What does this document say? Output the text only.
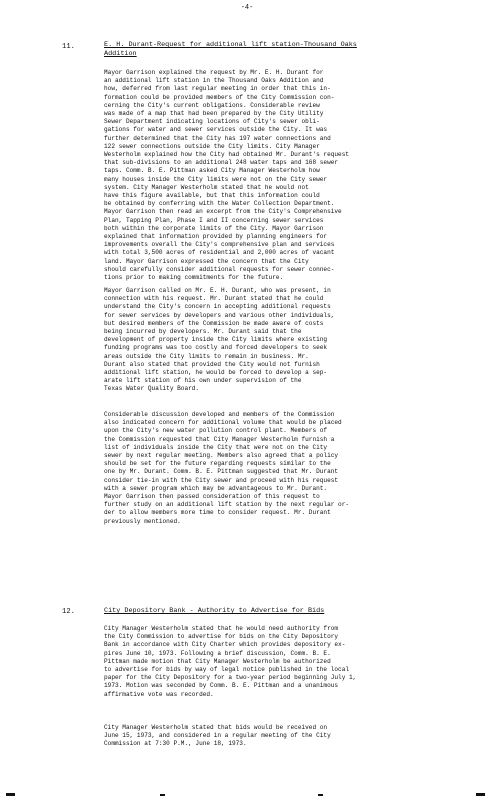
-4-
11.	E. H. Durant-Request for additional lift station-Thousand Oaks
Addition

Mayor Garrison explained the request by Mr. E. H. Durant for
an additional lift station in the Thousand Oaks Addition and
how, deferred from last regular meeting in order that this in-
formation could be provided members of the City Commission con-
cerning the City's current obligations. Considerable review
was made of a map that had been prepared by the City Utility
Sewer Department indicating locations of City's sewer obli-
gations for water and sewer services outside the City. It was
further determined that the City has 197 water connections and
122 sewer connections outside the City limits. City Manager
Westerholm explained how the City had obtained Mr. Durant's request
that sub-divisions to an additional 248 water taps and 168 sewer
taps. Comm. B. E. Pittman asked City Manager Westerholm how
many houses inside the City limits were not on the City sewer
system. City Manager Westerholm stated that he would not
have this figure available, but that this information could
be obtained by conferring with the Water Collection Department.
Mayor Garrison then read an excerpt from the City's Comprehensive
Plan, Tapping Plan, Phase I and II concerning sewer services
both within the corporate limits of the City. Mayor Garrison
explained that information provided by planning engineers for
improvements overall the City's comprehensive plan and services
with total 3,500 acres of residential and 2,000 acres of vacant
land. Mayor Garrison expressed the concern that the City
should carefully consider additional requests for sewer connec-
tions prior to making commitments for the future.

Mayor Garrison called on Mr. E. H. Durant, who was present, in
connection with his request. Mr. Durant stated that he could
understand the City's concern in accepting additional requests
for sewer services by developers and various other individuals,
but desired members of the Commission be made aware of costs
being incurred by developers. Mr. Durant said that the
development of property inside the City limits where existing
funding programs was too costly and forced developers to seek
areas outside the City limits to remain in business. Mr.
Durant also stated that provided the City would not furnish
additional lift station, he would be forced to develop a sep-
arate lift station of his own under supervision of the
Texas Water Quality Board.

Considerable discussion developed and members of the Commission
also indicated concern for additional volume that would be placed
upon the City's new water pollution control plant. Members of
the Commission requested that City Manager Westerholm furnish a
list of individuals inside the City that were not on the City
sewer by next regular meeting. Members also agreed that a policy
should be set for the future regarding requests similar to the
one by Mr. Durant. Comm. B. E. Pittman suggested that Mr. Durant
consider tie-in with the City sewer and proceed with his request
with a sewer program which may be advantageous to Mr. Durant.
Mayor Garrison then passed consideration of this request to
further study on an additional lift station by the next regular or-
der to allow members more time to consider request. Mr. Durant
previously mentioned.

12.	City Depository Bank - Authority to Advertise for Bids

City Manager Westerholm stated that he would need authority from
the City Commission to advertise for bids on the City Depository
Bank in accordance with City Charter which provides depository ex-
pires June 10, 1973. Following a brief discussion, Comm. B. E.
Pittman made motion that City Manager Westerholm be authorized
to advertise for bids by way of legal notice published in the local
paper for the City Depository for a two-year period beginning July 1,
1973. Motion was seconded by Comm. B. E. Pittman and a unanimous
affirmative vote was recorded.

City Manager Westerholm stated that bids would be received on
June 15, 1973, and considered in a regular meeting of the City
Commission at 7:30 P.M., June 18, 1973.
